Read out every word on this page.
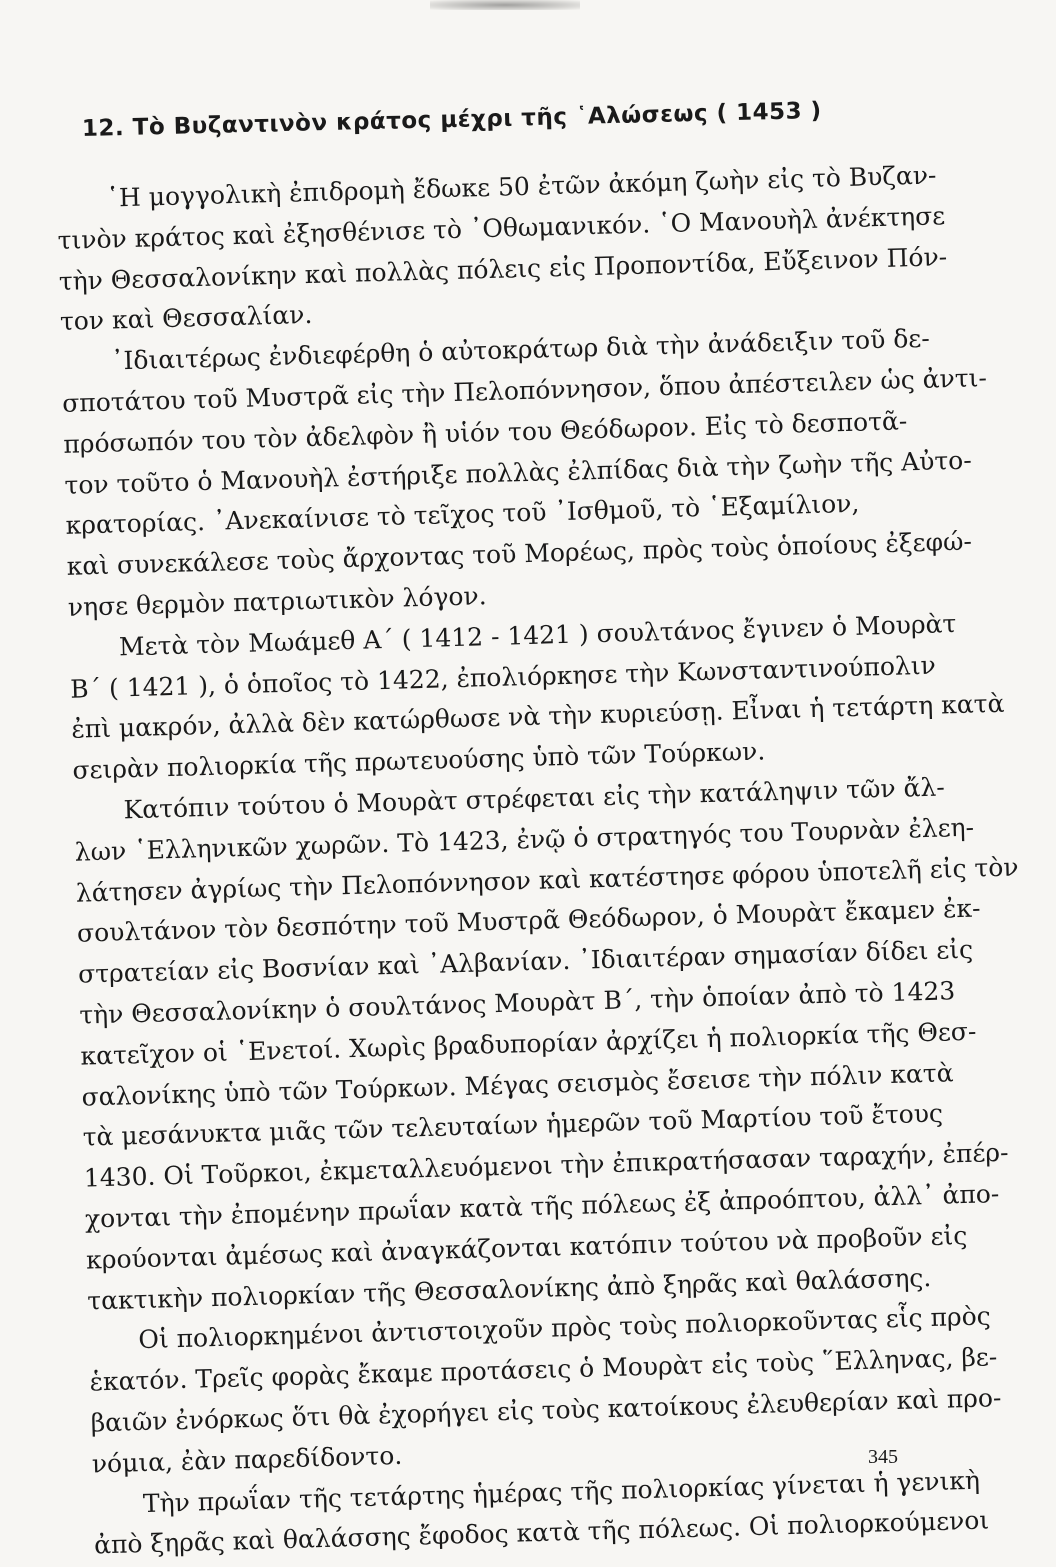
12. Τὸ Βυζαντινὸν κράτος μέχρι τῆς ῾Αλώσεως ( 1453 )

῾Η μογγολικὴ ἐπιδρομὴ ἔδωκε 50 ἐτῶν ἀκόμη ζωὴν εἰς τὸ Βυζαν-
τινὸν κράτος καὶ ἐξησθένισε τὸ ᾿Οθωμανικόν. ῾Ο Μανουὴλ ἀνέκτησε
τὴν Θεσσαλονίκην καὶ πολλὰς πόλεις εἰς Προποντίδα, Εὔξεινον Πόν-
τον καὶ Θεσσαλίαν.

᾿Ιδιαιτέρως ἐνδιεφέρθη ὁ αὐτοκράτωρ διὰ τὴν ἀνάδειξιν τοῦ δε-
σποτάτου τοῦ Μυστρᾶ εἰς τὴν Πελοπόννησον, ὅπου ἀπέστειλεν ὡς ἀντι-
πρόσωπόν του τὸν ἀδελφὸν ἢ υἱόν του Θεόδωρον. Εἰς τὸ δεσποτᾶ-
τον τοῦτο ὁ Μανουὴλ ἐστήριξε πολλὰς ἐλπίδας διὰ τὴν ζωὴν τῆς Αὐτο-
κρατορίας. ᾿Ανεκαίνισε τὸ τεῖχος τοῦ ᾿Ισθμοῦ, τὸ ῾Εξαμίλιον,
καὶ συνεκάλεσε τοὺς ἄρχοντας τοῦ Μορέως, πρὸς τοὺς ὁποίους ἐξεφώ-
νησε θερμὸν πατριωτικὸν λόγον.

Μετὰ τὸν Μωάμεθ Α΄ ( 1412 - 1421 ) σουλτάνος ἔγινεν ὁ Μουρὰτ
Β΄ ( 1421 ), ὁ ὁποῖος τὸ 1422, ἐπολιόρκησε τὴν Κωνσταντινούπολιν
ἐπὶ μακρόν, ἀλλὰ δὲν κατώρθωσε νὰ τὴν κυριεύσῃ. Εἶναι ἡ τετάρτη κατὰ
σειρὰν πολιορκία τῆς πρωτευούσης ὑπὸ τῶν Τούρκων.

Κατόπιν τούτου ὁ Μουρὰτ στρέφεται εἰς τὴν κατάληψιν τῶν ἄλ-
λων ῾Ελληνικῶν χωρῶν. Τὸ 1423, ἐνῷ ὁ στρατηγός του Τουρνὰν ἐλεη-
λάτησεν ἀγρίως τὴν Πελοπόννησον καὶ κατέστησε φόρου ὑποτελῆ εἰς τὸν
σουλτάνον τὸν δεσπότην τοῦ Μυστρᾶ Θεόδωρον, ὁ Μουρὰτ ἔκαμεν ἐκ-
στρατείαν εἰς Βοσνίαν καὶ ᾿Αλβανίαν. ᾿Ιδιαιτέραν σημασίαν δίδει εἰς
τὴν Θεσσαλονίκην ὁ σουλτάνος Μουρὰτ Β΄, τὴν ὁποίαν ἀπὸ τὸ 1423
κατεῖχον οἱ ῾Ενετοί. Χωρὶς βραδυπορίαν ἀρχίζει ἡ πολιορκία τῆς Θεσ-
σαλονίκης ὑπὸ τῶν Τούρκων. Μέγας σεισμὸς ἔσεισε τὴν πόλιν κατὰ
τὰ μεσάνυκτα μιᾶς τῶν τελευταίων ἡμερῶν τοῦ Μαρτίου τοῦ ἔτους
1430. Οἱ Τοῦρκοι, ἐκμεταλλευόμενοι τὴν ἐπικρατήσασαν ταραχήν, ἐπέρ-
χονται τὴν ἐπομένην πρωΐαν κατὰ τῆς πόλεως ἐξ ἀπροόπτου, ἀλλ᾿ ἀπο-
κρούονται ἀμέσως καὶ ἀναγκάζονται κατόπιν τούτου νὰ προβοῦν εἰς
τακτικὴν πολιορκίαν τῆς Θεσσαλονίκης ἀπὸ ξηρᾶς καὶ θαλάσσης.

Οἱ πολιορκημένοι ἀντιστοιχοῦν πρὸς τοὺς πολιορκοῦντας εἷς πρὸς
ἑκατόν. Τρεῖς φορὰς ἔκαμε προτάσεις ὁ Μουρὰτ εἰς τοὺς ῞Ελληνας, βε-
βαιῶν ἐνόρκως ὅτι θὰ ἐχορήγει εἰς τοὺς κατοίκους ἐλευθερίαν καὶ προ-
νόμια, ἐὰν παρεδίδοντο.

Τὴν πρωΐαν τῆς τετάρτης ἡμέρας τῆς πολιορκίας γίνεται ἡ γενικὴ
ἀπὸ ξηρᾶς καὶ θαλάσσης ἔφοδος κατὰ τῆς πόλεως. Οἱ πολιορκούμενοι

345
